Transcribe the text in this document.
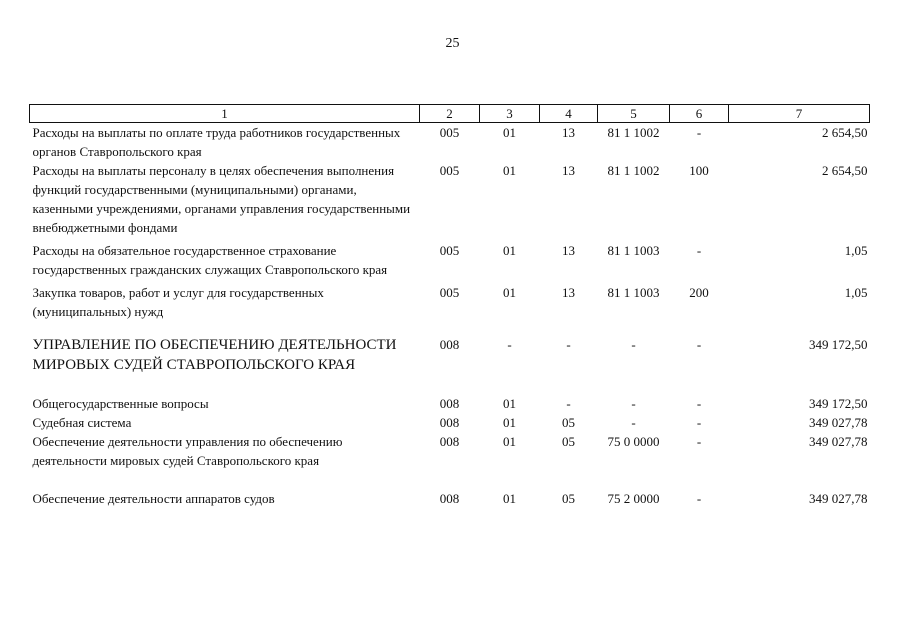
25
1	2	3	4	5	6	7
Расходы на выплаты по оплате труда работников государственных органов Ставропольского края	005	01	13	81 1 1002	-	2 654,50
Расходы на выплаты персоналу в целях обеспечения выполнения функций государственными (муниципальными) органами, казенными учреждениями, органами управления государственными внебюджетными фондами	005	01	13	81 1 1002	100	2 654,50
Расходы на обязательное государственное страхование государственных гражданских служащих Ставропольского края	005	01	13	81 1 1003	-	1,05
Закупка товаров, работ и услуг для государственных (муниципальных) нужд	005	01	13	81 1 1003	200	1,05

УПРАВЛЕНИЕ ПО ОБЕСПЕЧЕНИЮ ДЕЯТЕЛЬНОСТИ МИРОВЫХ СУДЕЙ СТАВРОПОЛЬСКОГО КРАЯ	008	-	-	-	-	349 172,50

Общегосударственные вопросы	008	01	-	-	-	349 172,50
Судебная система	008	01	05	-	-	349 027,78
Обеспечение деятельности управления по обеспечению деятельности мировых судей Ставропольского края	008	01	05	75 0 0000	-	349 027,78

Обеспечение деятельности аппаратов судов	008	01	05	75 2 0000	-	349 027,78
